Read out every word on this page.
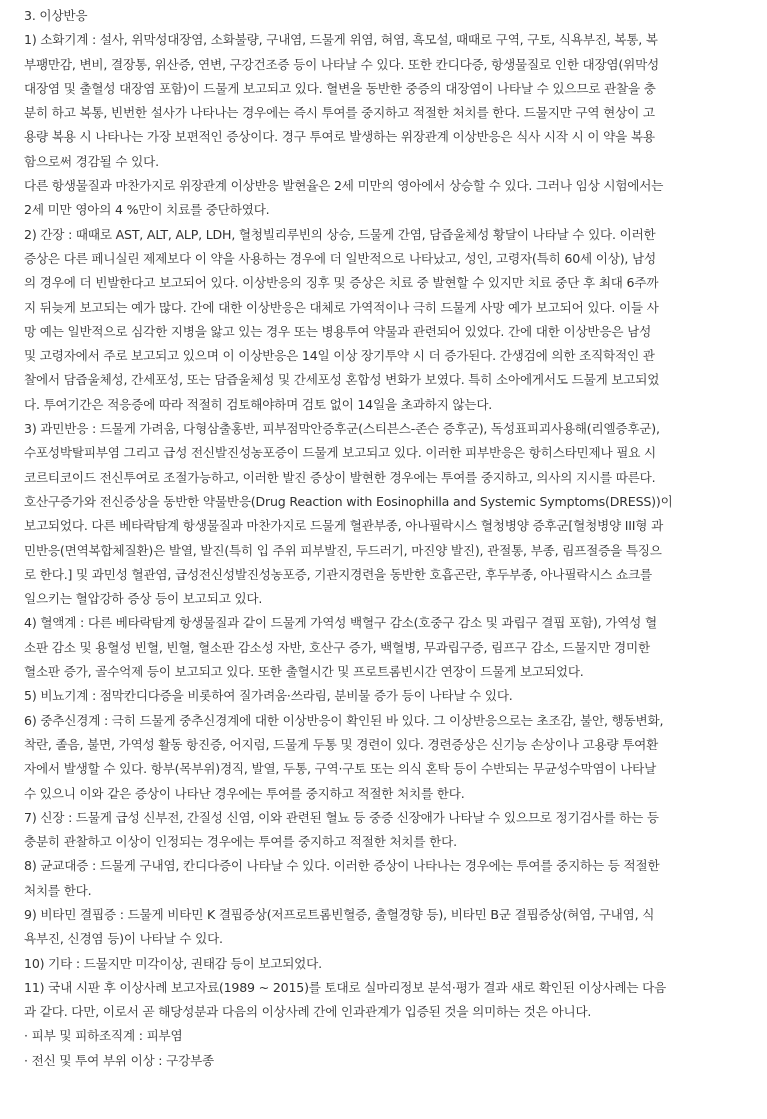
3. 이상반응
1) 소화기계 : 설사, 위막성대장염, 소화불량, 구내염, 드물게 위염, 혀염, 흑모설, 때때로 구역, 구토, 식욕부진, 복통, 복
부팽만감, 변비, 결장통, 위산증, 연변, 구강건조증 등이 나타날 수 있다. 또한 칸디다증, 항생물질로 인한 대장염(위막성
대장염 및 출혈성 대장염 포함)이 드물게 보고되고 있다. 혈변을 동반한 중증의 대장염이 나타날 수 있으므로 관찰을 충
분히 하고 복통, 빈번한 설사가 나타나는 경우에는 즉시 투여를 중지하고 적절한 처치를 한다. 드물지만 구역 현상이 고
용량 복용 시 나타나는 가장 보편적인 증상이다. 경구 투여로 발생하는 위장관계 이상반응은 식사 시작 시 이 약을 복용
함으로써 경감될 수 있다.
다른 항생물질과 마찬가지로 위장관계 이상반응 발현율은 2세 미만의 영아에서 상승할 수 있다. 그러나 임상 시험에서는
2세 미만 영아의 4 %만이 치료를 중단하였다.
2) 간장 : 때때로 AST, ALT, ALP, LDH, 혈청빌리루빈의 상승, 드물게 간염, 담즙울체성 황달이 나타날 수 있다. 이러한
증상은 다른 페니실린 제제보다 이 약을 사용하는 경우에 더 일반적으로 나타났고, 성인, 고령자(특히 60세 이상), 남성
의 경우에 더 빈발한다고 보고되어 있다. 이상반응의 징후 및 증상은 치료 중 발현할 수 있지만 치료 중단 후 최대 6주까
지 뒤늦게 보고되는 예가 많다. 간에 대한 이상반응은 대체로 가역적이나 극히 드물게 사망 예가 보고되어 있다. 이들 사
망 예는 일반적으로 심각한 지병을 앓고 있는 경우 또는 병용투여 약물과 관련되어 있었다. 간에 대한 이상반응은 남성
및 고령자에서 주로 보고되고 있으며 이 이상반응은 14일 이상 장기투약 시 더 증가된다. 간생검에 의한 조직학적인 관
찰에서 담즙울체성, 간세포성, 또는 담즙울체성 및 간세포성 혼합성 변화가 보였다. 특히 소아에게서도 드물게 보고되었
다. 투여기간은 적응증에 따라 적절히 검토해야하며 검토 없이 14일을 초과하지 않는다.
3) 과민반응 : 드물게 가려움, 다형삼출홍반, 피부점막안증후군(스티븐스-존슨 증후군), 독성표피괴사용해(리엘증후군),
수포성박탈피부염 그리고 급성 전신발진성농포증이 드물게 보고되고 있다. 이러한 피부반응은 항히스타민제나 필요 시
코르티코이드 전신투여로 조절가능하고, 이러한 발진 증상이 발현한 경우에는 투여를 중지하고, 의사의 지시를 따른다.
호산구증가와 전신증상을 동반한 약물반응(Drug Reaction with Eosinophilla and Systemic Symptoms(DRESS))이
보고되었다. 다른 베타락탐계 항생물질과 마찬가지로 드물게 혈관부종, 아나필락시스 혈청병양 증후군[혈청병양 III형 과
민반응(면역복합체질환)은 발열, 발진(특히 입 주위 피부발진, 두드러기, 마진양 발진), 관절통, 부종, 림프절증을 특징으
로 한다.] 및 과민성 혈관염, 급성전신성발진성농포증, 기관지경련을 동반한 호흡곤란, 후두부종, 아나필락시스 쇼크를
일으키는 혈압강하 증상 등이 보고되고 있다.
4) 혈액계 : 다른 베타락탐계 항생물질과 같이 드물게 가역성 백혈구 감소(호중구 감소 및 과립구 결핍 포함), 가역성 혈
소판 감소 및 용혈성 빈혈, 빈혈, 혈소판 감소성 자반, 호산구 증가, 백혈병, 무과립구증, 림프구 감소, 드물지만 경미한
혈소판 증가, 골수억제 등이 보고되고 있다. 또한 출혈시간 및 프로트롬빈시간 연장이 드물게 보고되었다.
5) 비뇨기계 : 점막칸디다증을 비롯하여 질가려움·쓰라림, 분비물 증가 등이 나타날 수 있다.
6) 중추신경계 : 극히 드물게 중추신경계에 대한 이상반응이 확인된 바 있다. 그 이상반응으로는 초조감, 불안, 행동변화,
착란, 졸음, 불면, 가역성 활동 항진증, 어지럼, 드물게 두통 및 경련이 있다. 경련증상은 신기능 손상이나 고용량 투여환
자에서 발생할 수 있다. 항부(목부위)경직, 발열, 두통, 구역·구토 또는 의식 혼탁 등이 수반되는 무균성수막염이 나타날
수 있으니 이와 같은 증상이 나타난 경우에는 투여를 중지하고 적절한 처치를 한다.
7) 신장 : 드물게 급성 신부전, 간질성 신염, 이와 관련된 혈뇨 등 중증 신장애가 나타날 수 있으므로 정기검사를 하는 등
충분히 관찰하고 이상이 인정되는 경우에는 투여를 중지하고 적절한 처치를 한다.
8) 균교대증 : 드물게 구내염, 칸디다증이 나타날 수 있다. 이러한 증상이 나타나는 경우에는 투여를 중지하는 등 적절한
처치를 한다.
9) 비타민 결핍증 : 드물게 비타민 K 결핍증상(저프로트롬빈혈증, 출혈경향 등), 비타민 B군 결핍증상(혀염, 구내염, 식
욕부진, 신경염 등)이 나타날 수 있다.
10) 기타 : 드물지만 미각이상, 권태감 등이 보고되었다.
11) 국내 시판 후 이상사례 보고자료(1989 ~ 2015)를 토대로 실마리정보 분석·평가 결과 새로 확인된 이상사례는 다음
과 같다. 다만, 이로서 곧 해당성분과 다음의 이상사례 간에 인과관계가 입증된 것을 의미하는 것은 아니다.
· 피부 및 피하조직계 : 피부염
· 전신 및 투여 부위 이상 : 구강부종
